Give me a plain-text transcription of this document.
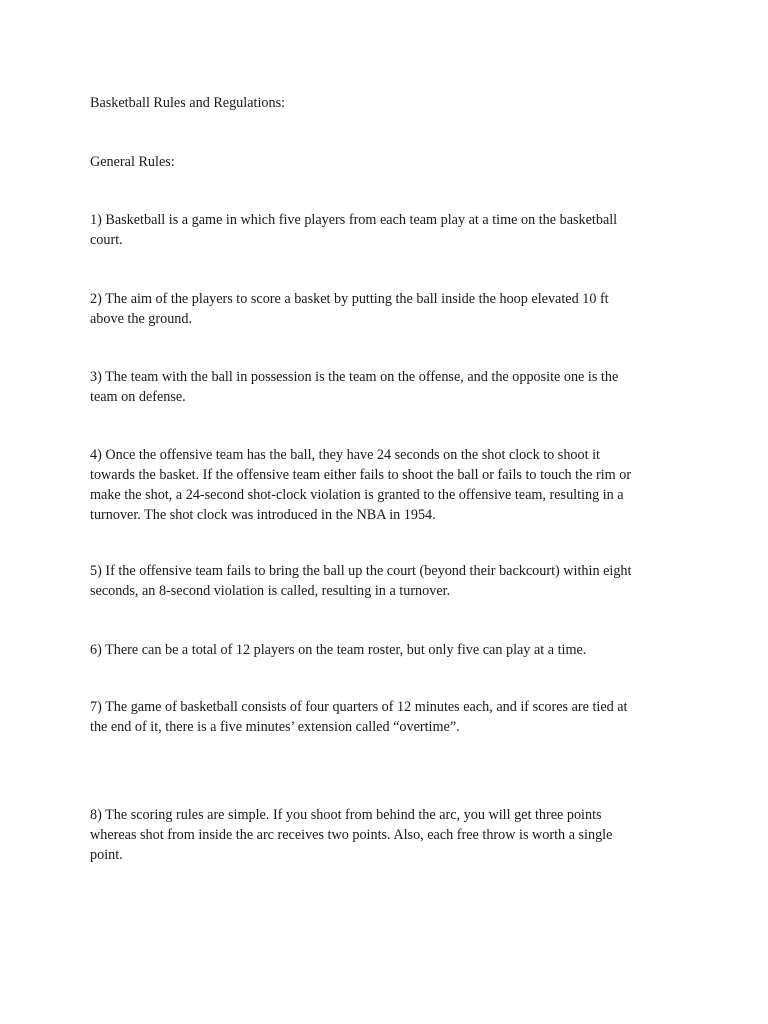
Basketball Rules and Regulations:
General Rules:
1) Basketball is a game in which five players from each team play at a time on the basketball
court.
2) The aim of the players to score a basket by putting the ball inside the hoop elevated 10 ft
above the ground.
3) The team with the ball in possession is the team on the offense, and the opposite one is the
team on defense.
4) Once the offensive team has the ball, they have 24 seconds on the shot clock to shoot it
towards the basket. If the offensive team either fails to shoot the ball or fails to touch the rim or
make the shot, a 24-second shot-clock violation is granted to the offensive team, resulting in a
turnover. The shot clock was introduced in the NBA in 1954.
5) If the offensive team fails to bring the ball up the court (beyond their backcourt) within eight
seconds, an 8-second violation is called, resulting in a turnover.
6) There can be a total of 12 players on the team roster, but only five can play at a time.
7) The game of basketball consists of four quarters of 12 minutes each, and if scores are tied at
the end of it, there is a five minutes’ extension called “overtime”.
8) The scoring rules are simple. If you shoot from behind the arc, you will get three points
whereas shot from inside the arc receives two points. Also, each free throw is worth a single
point.
